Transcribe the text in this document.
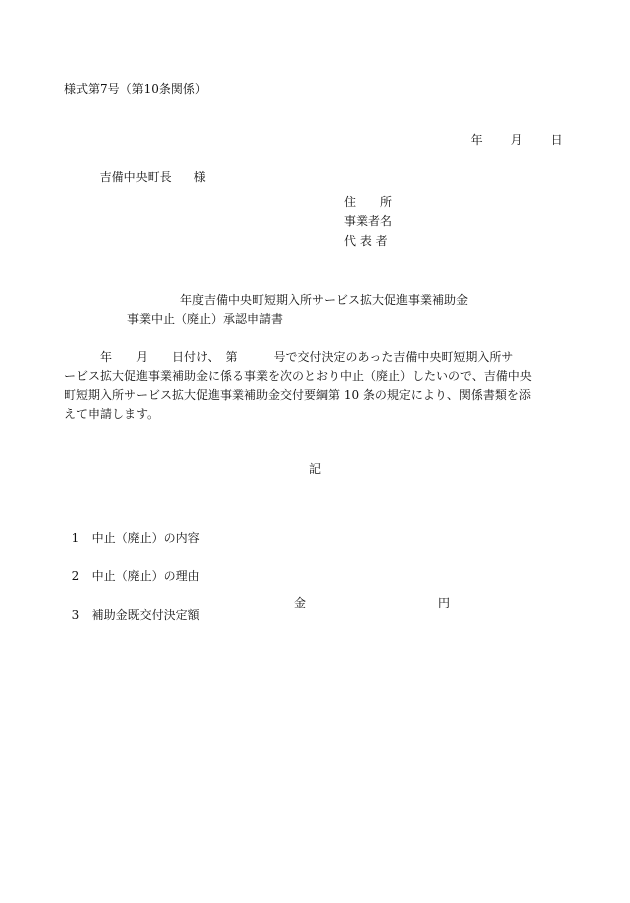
様式第7号（第10条関係）

年 月 日

吉備中央町長 様

住　　所
事業者名
代 表 者
年度吉備中央町短期入所サービス拡大促進事業補助金
事業中止（廃止）承認申請書
　　　年　　月　　日付け、　第　　　号で交付決定のあった吉備中央町短期入所サ
ービス拡大促進事業補助金に係る事業を次のとおり中止（廃止）したいので、吉備中央
町短期入所サービス拡大促進事業補助金交付要綱第 10 条の規定により、関係書類を添
えて申請します。
記

1 中止（廃止）の内容

2 中止（廃止）の理由

3 補助金既交付決定額

金	円
